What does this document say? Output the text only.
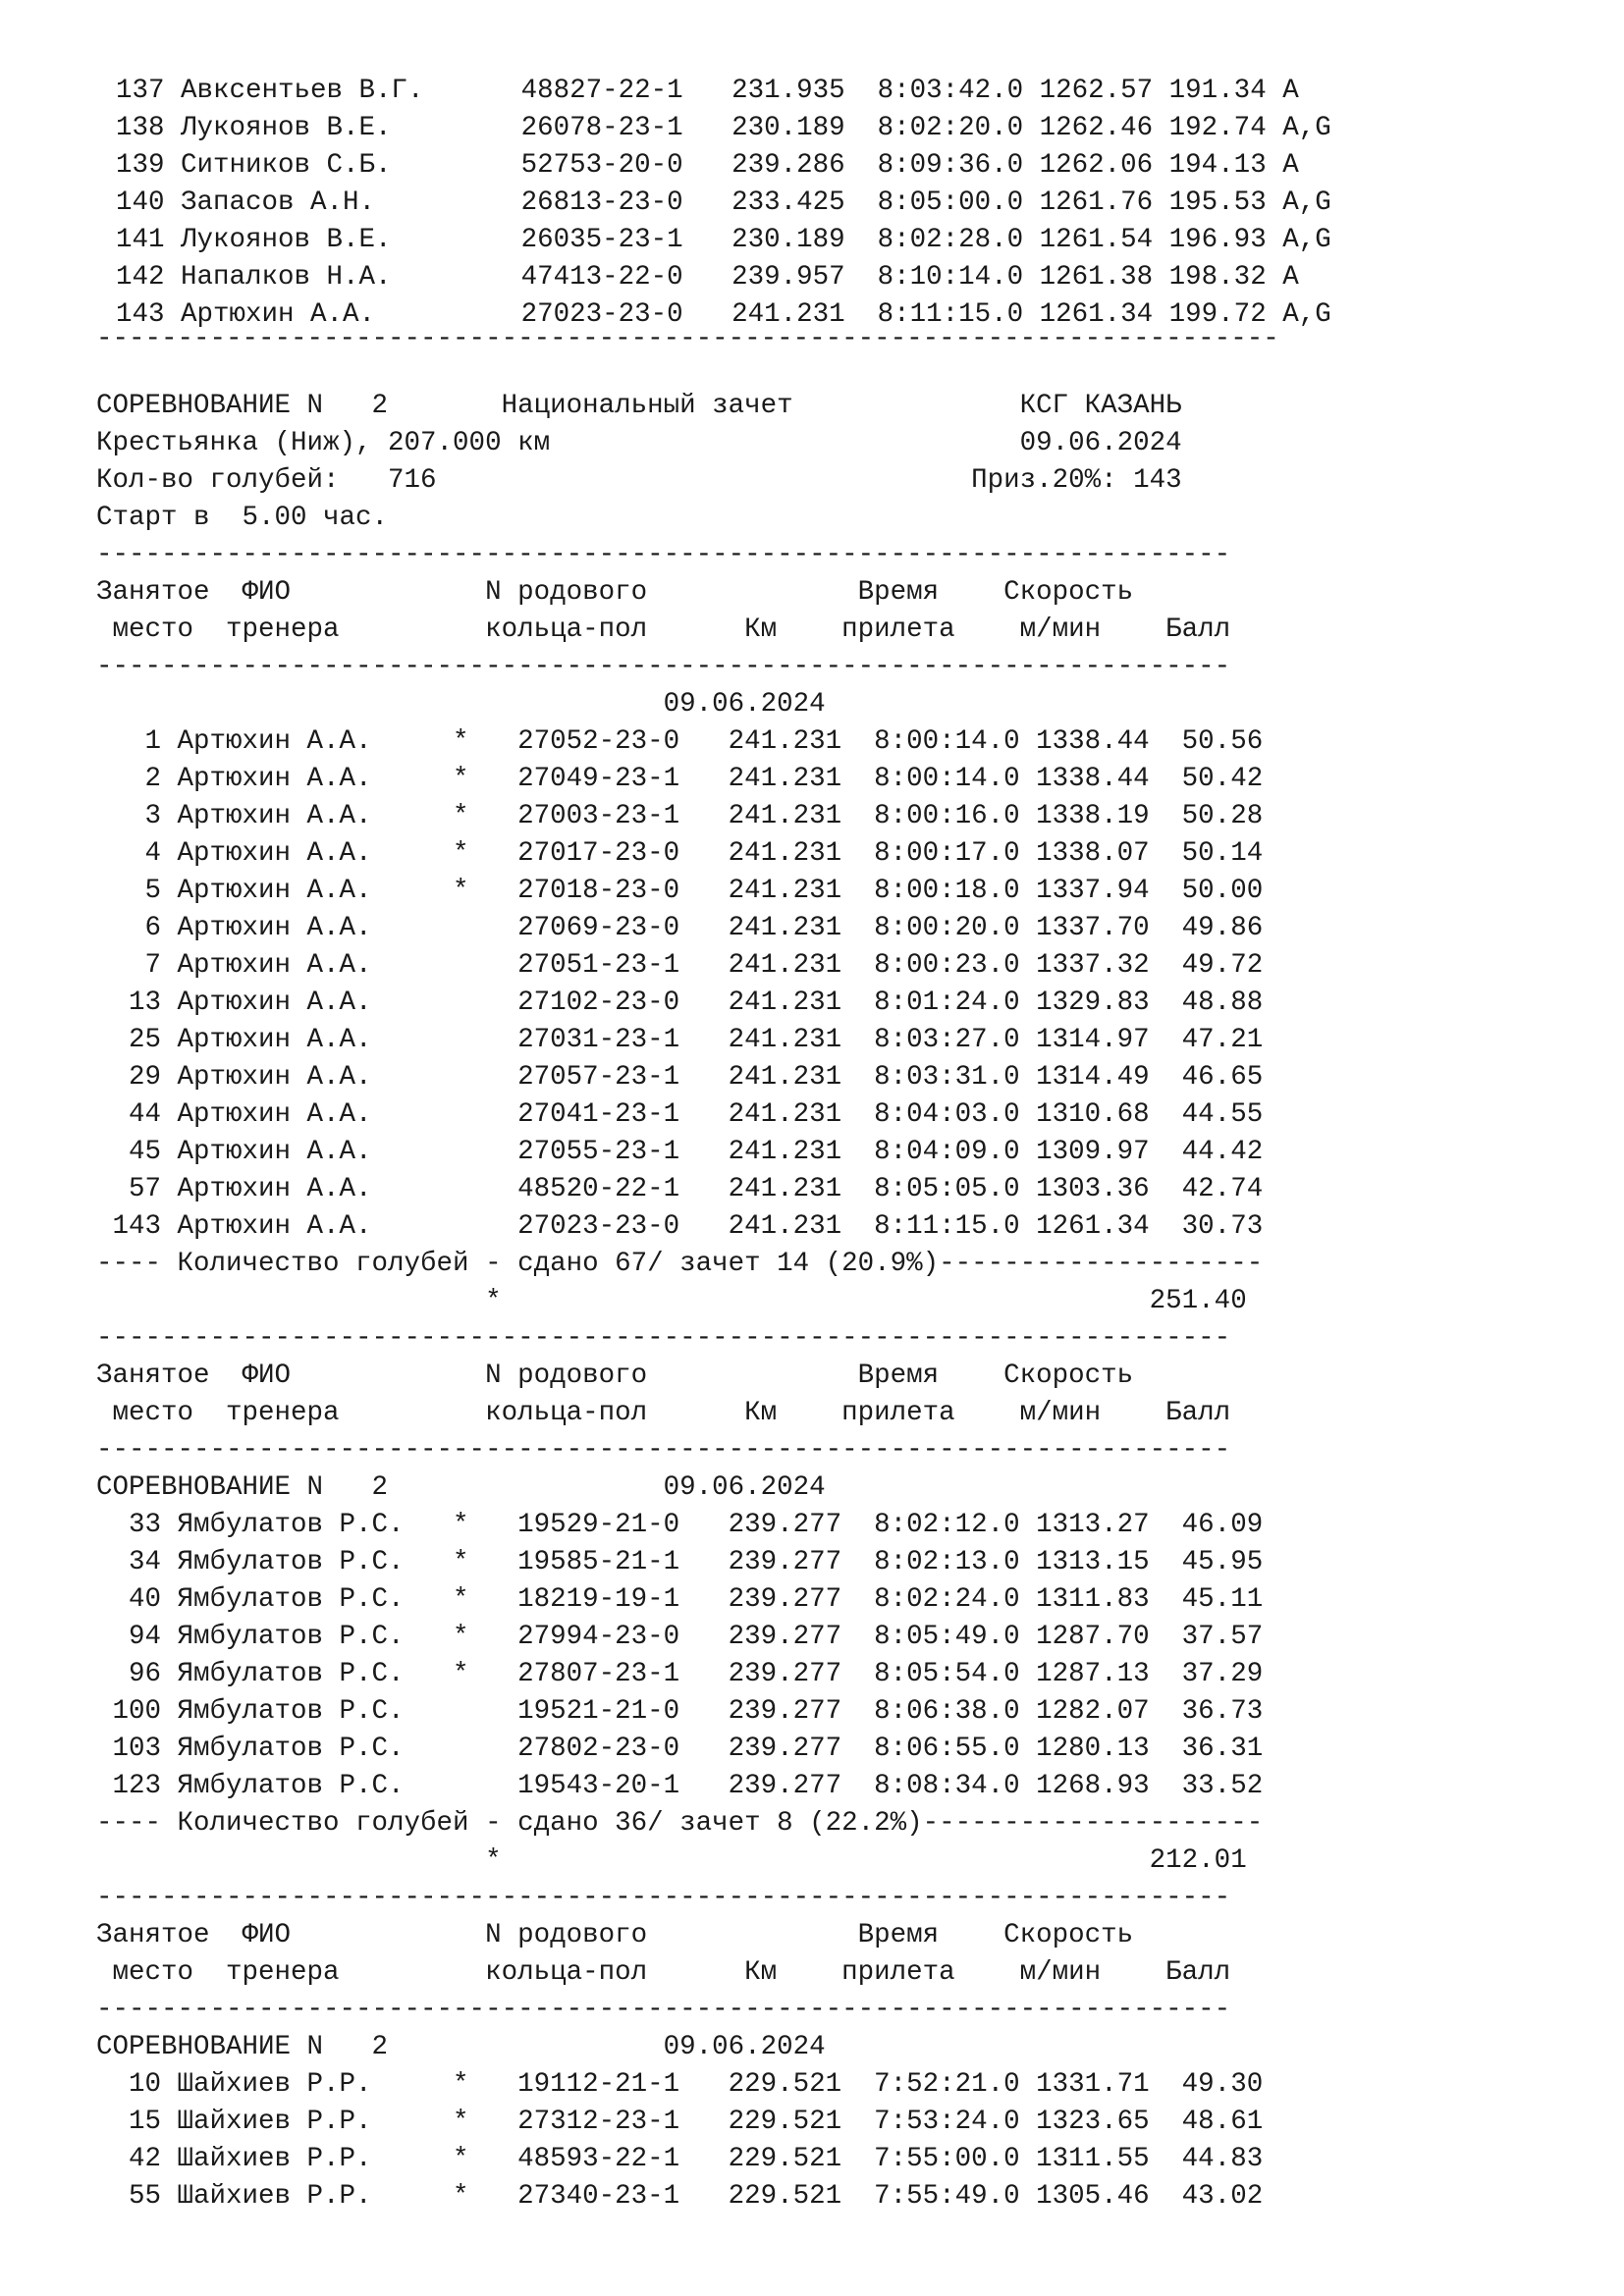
137 Авксентьев В.Г.      48827-22-1   231.935  8:03:42.0 1262.57 191.34 A
138 Лукоянов В.Е.        26078-23-1   230.189  8:02:20.0 1262.46 192.74 A,G
139 Ситников С.Б.        52753-20-0   239.286  8:09:36.0 1262.06 194.13 A
140 Запасов А.Н.         26813-23-0   233.425  8:05:00.0 1261.76 195.53 A,G
141 Лукоянов В.Е.        26035-23-1   230.189  8:02:28.0 1261.54 196.93 A,G
142 Напалков Н.А.        47413-22-0   239.957  8:10:14.0 1261.38 198.32 A
143 Артюхин А.А.         27023-23-0   241.231  8:11:15.0 1261.34 199.72 A,G
-------------------------------------------------------------------------
СОРЕВНОВАНИЕ N   2       Национальный зачет              КСГ КАЗАНЬ
Крестьянка (Ниж), 207.000 км                             09.06.2024
Кол-во голубей:   716                                 Приз.20%: 143
Старт в  5.00 час.
----------------------------------------------------------------------
Занятое  ФИО            N родового             Время    Скорость
место  тренера         кольца-пол      Км    прилета    м/мин    Балл
----------------------------------------------------------------------
09.06.2024
1 Артюхин А.А.     *   27052-23-0   241.231  8:00:14.0 1338.44  50.56
2 Артюхин А.А.     *   27049-23-1   241.231  8:00:14.0 1338.44  50.42
3 Артюхин А.А.     *   27003-23-1   241.231  8:00:16.0 1338.19  50.28
4 Артюхин А.А.     *   27017-23-0   241.231  8:00:17.0 1338.07  50.14
5 Артюхин А.А.     *   27018-23-0   241.231  8:00:18.0 1337.94  50.00
6 Артюхин А.А.         27069-23-0   241.231  8:00:20.0 1337.70  49.86
7 Артюхин А.А.         27051-23-1   241.231  8:00:23.0 1337.32  49.72
13 Артюхин А.А.         27102-23-0   241.231  8:01:24.0 1329.83  48.88
25 Артюхин А.А.         27031-23-1   241.231  8:03:27.0 1314.97  47.21
29 Артюхин А.А.         27057-23-1   241.231  8:03:31.0 1314.49  46.65
44 Артюхин А.А.         27041-23-1   241.231  8:04:03.0 1310.68  44.55
45 Артюхин А.А.         27055-23-1   241.231  8:04:09.0 1309.97  44.42
57 Артюхин А.А.         48520-22-1   241.231  8:05:05.0 1303.36  42.74
143 Артюхин А.А.         27023-23-0   241.231  8:11:15.0 1261.34  30.73
---- Количество голубей - сдано 67/ зачет 14 (20.9%)--------------------
*                                        251.40
----------------------------------------------------------------------
Занятое  ФИО            N родового             Время    Скорость
место  тренера         кольца-пол      Км    прилета    м/мин    Балл
----------------------------------------------------------------------
СОРЕВНОВАНИЕ N   2                 09.06.2024
33 Ямбулатов Р.С.   *   19529-21-0   239.277  8:02:12.0 1313.27  46.09
34 Ямбулатов Р.С.   *   19585-21-1   239.277  8:02:13.0 1313.15  45.95
40 Ямбулатов Р.С.   *   18219-19-1   239.277  8:02:24.0 1311.83  45.11
94 Ямбулатов Р.С.   *   27994-23-0   239.277  8:05:49.0 1287.70  37.57
96 Ямбулатов Р.С.   *   27807-23-1   239.277  8:05:54.0 1287.13  37.29
100 Ямбулатов Р.С.       19521-21-0   239.277  8:06:38.0 1282.07  36.73
103 Ямбулатов Р.С.       27802-23-0   239.277  8:06:55.0 1280.13  36.31
123 Ямбулатов Р.С.       19543-20-1   239.277  8:08:34.0 1268.93  33.52
---- Количество голубей - сдано 36/ зачет 8 (22.2%)---------------------
*                                        212.01
----------------------------------------------------------------------
Занятое  ФИО            N родового             Время    Скорость
место  тренера         кольца-пол      Км    прилета    м/мин    Балл
----------------------------------------------------------------------
СОРЕВНОВАНИЕ N   2                 09.06.2024
10 Шайхиев Р.Р.     *   19112-21-1   229.521  7:52:21.0 1331.71  49.30
15 Шайхиев Р.Р.     *   27312-23-1   229.521  7:53:24.0 1323.65  48.61
42 Шайхиев Р.Р.     *   48593-22-1   229.521  7:55:00.0 1311.55  44.83
55 Шайхиев Р.Р.     *   27340-23-1   229.521  7:55:49.0 1305.46  43.02
